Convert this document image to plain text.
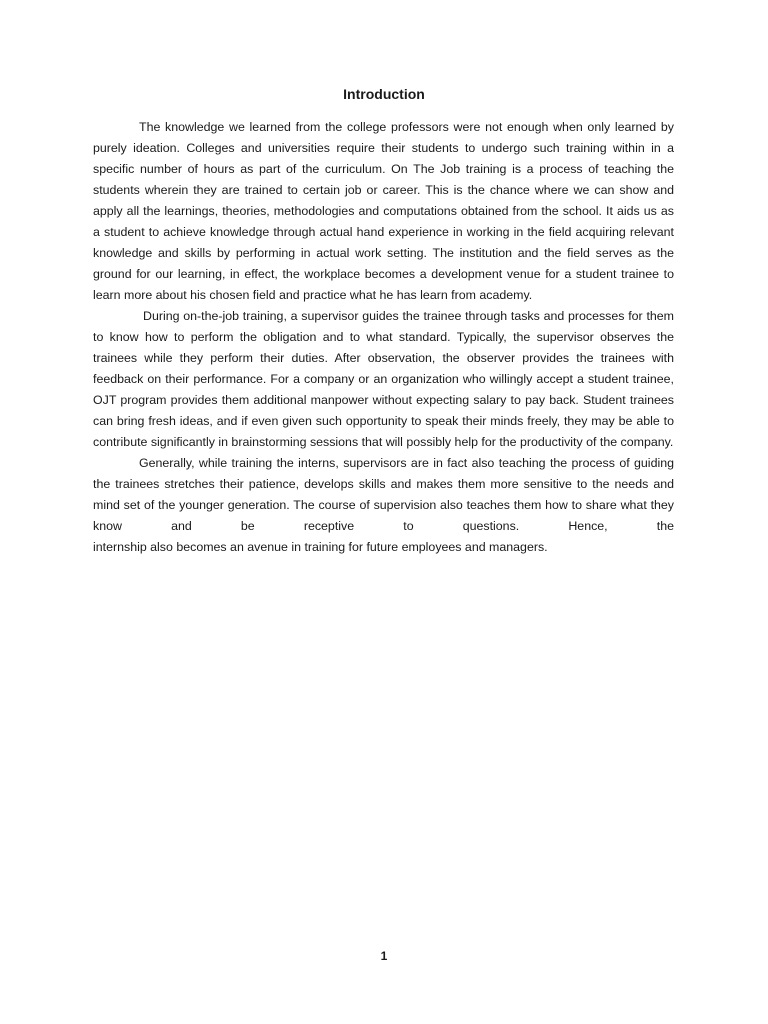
Introduction

The knowledge we learned from the college professors were not enough when only learned by purely ideation. Colleges and universities require their students to undergo such training within in a specific number of hours as part of the curriculum. On The Job training is a process of teaching the students wherein they are trained to certain job or career. This is the chance where we can show and apply all the learnings, theories, methodologies and computations obtained from the school. It aids us as a student to achieve knowledge through actual hand experience in working in the field acquiring relevant knowledge and skills by performing in actual work setting. The institution and the field serves as the ground for our learning, in effect, the workplace becomes a development venue for a student trainee to learn more about his chosen field and practice what he has learn from academy.

During on-the-job training, a supervisor guides the trainee through tasks and processes for them to know how to perform the obligation and to what standard. Typically, the supervisor observes the trainees while they perform their duties. After observation, the observer provides the trainees with feedback on their performance. For a company or an organization who willingly accept a student trainee, OJT program provides them additional manpower without expecting salary to pay back. Student trainees can bring fresh ideas, and if even given such opportunity to speak their minds freely, they may be able to contribute significantly in brainstorming sessions that will possibly help for the productivity of the company.

Generally, while training the interns, supervisors are in fact also teaching the process of guiding the trainees stretches their patience, develops skills and makes them more sensitive to the needs and mind set of the younger generation. The course of supervision also teaches them how to share what they know and be receptive to questions. Hence, the

internship also becomes an avenue in training for future employees and managers.

1
